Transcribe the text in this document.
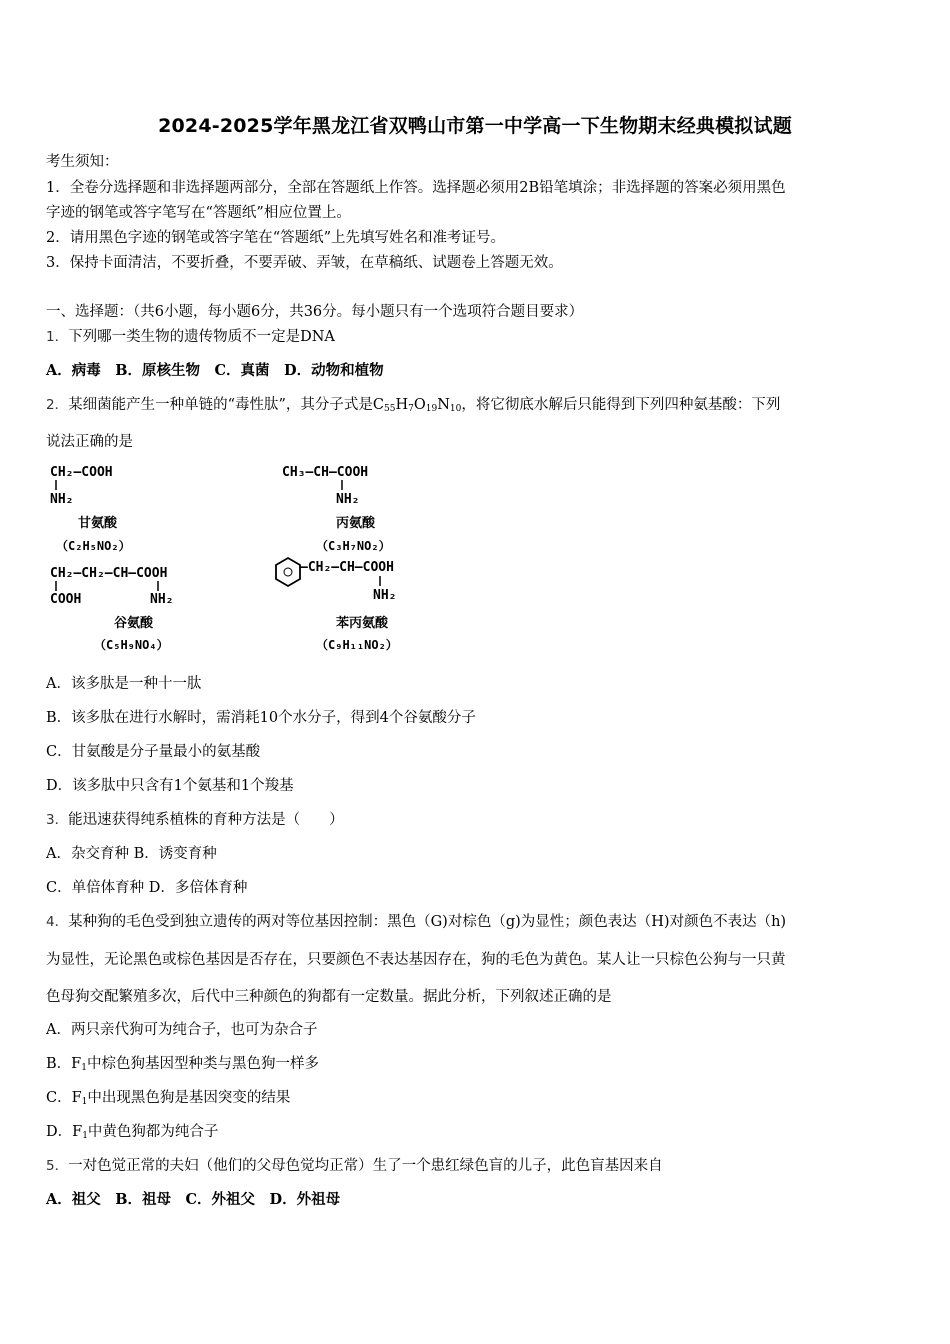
2024-2025学年黑龙江省双鸭山市第一中学高一下生物期末经典模拟试题
考生须知：
1．全卷分选择题和非选择题两部分，全部在答题纸上作答。选择题必须用2B铅笔填涂；非选择题的答案必须用黑色
字迹的钢笔或答字笔写在“答题纸”相应位置上。
2．请用黑色字迹的钢笔或答字笔在“答题纸”上先填写姓名和准考证号。
3．保持卡面清洁，不要折叠，不要弄破、弄皱，在草稿纸、试题卷上答题无效。
一、选择题：（共6小题，每小题6分，共36分。每小题只有一个选项符合题目要求）
1．下列哪一类生物的遗传物质不一定是DNA
A．病毒　B．原核生物　C．真菌　D．动物和植物
2．某细菌能产生一种单链的“毒性肽”，其分子式是$C_{55}H_7O_{19}N_{10}$，将它彻底水解后只能得到下列四种氨基酸：下列
说法正确的是
CH₂—COOH
NH₂
甘氨酸
（C₂H₅NO₂）
CH₃—CH—COOH
NH₂
丙氨酸
（C₃H₇NO₂）
CH₂—CH₂—CH—COOH
COOH	NH₂
谷氨酸
（C₅H₉NO₄）
—CH₂—CH—COOH
NH₂
苯丙氨酸
（C₉H₁₁NO₂）
A．该多肽是一种十一肽
B．该多肽在进行水解时，需消耗10个水分子，得到4个谷氨酸分子
C．甘氨酸是分子量最小的氨基酸
D．该多肽中只含有1个氨基和1个羧基
3．能迅速获得纯系植株的育种方法是（　　）
A．杂交育种 B．诱变育种
C．单倍体育种 D．多倍体育种
4．某种狗的毛色受到独立遗传的两对等位基因控制：黑色（G)对棕色（g)为显性；颜色表达（H)对颜色不表达（h)
为显性，无论黑色或棕色基因是否存在，只要颜色不表达基因存在，狗的毛色为黄色。某人让一只棕色公狗与一只黄
色母狗交配繁殖多次，后代中三种颜色的狗都有一定数量。据此分析，下列叙述正确的是
A．两只亲代狗可为纯合子，也可为杂合子
B．$F_1$中棕色狗基因型种类与黑色狗一样多
C．$F_1$中出现黑色狗是基因突变的结果
D．$F_1$中黄色狗都为纯合子
5．一对色觉正常的夫妇（他们的父母色觉均正常）生了一个患红绿色盲的儿子，此色盲基因来自
A．祖父　B．祖母　C．外祖父　D．外祖母
